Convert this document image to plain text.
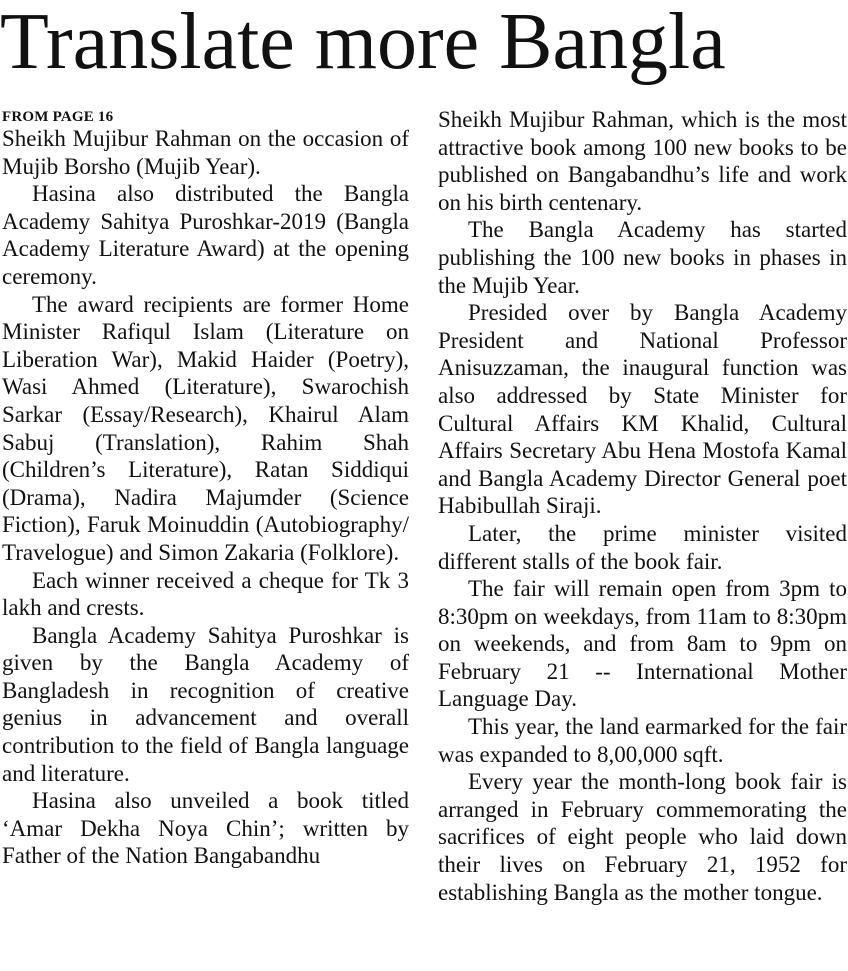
Translate more Bangla
FROM PAGE 16

Sheikh Mujibur Rahman on the occasion of Mujib Borsho (Mujib Year).

Hasina also distributed the Bangla Academy Sahitya Puroshkar-2019 (Bangla Academy Literature Award) at the opening ceremony.

The award recipients are former Home Minister Rafiqul Islam (Literature on Liberation War), Makid Haider (Poetry), Wasi Ahmed (Literature), Swarochish Sarkar (Essay/Research), Khairul Alam Sabuj (Translation), Rahim Shah (Children’s Literature), Ratan Siddiqui (Drama), Nadira Majumder (Science Fiction), Faruk Moinuddin (Autobiography/ Travelogue) and Simon Zakaria (Folklore).

Each winner received a cheque for Tk 3 lakh and crests.

Bangla Academy Sahitya Puroshkar is given by the Bangla Academy of Bangladesh in recognition of creative genius in advancement and overall contribution to the field of Bangla language and literature.

Hasina also unveiled a book titled ‘Amar Dekha Noya Chin’; written by Father of the Nation Bangabandhu

Sheikh Mujibur Rahman, which is the most attractive book among 100 new books to be published on Bangabandhu’s life and work on his birth centenary.

The Bangla Academy has started publishing the 100 new books in phases in the Mujib Year.

Presided over by Bangla Academy President and National Professor Anisuzzaman, the inaugural function was also addressed by State Minister for Cultural Affairs KM Khalid, Cultural Affairs Secretary Abu Hena Mostofa Kamal and Bangla Academy Director General poet Habibullah Siraji.

Later, the prime minister visited different stalls of the book fair.

The fair will remain open from 3pm to 8:30pm on weekdays, from 11am to 8:30pm on weekends, and from 8am to 9pm on February 21 -- International Mother Language Day.

This year, the land earmarked for the fair was expanded to 8,00,000 sqft.

Every year the month-long book fair is arranged in February commemorating the sacrifices of eight people who laid down their lives on February 21, 1952 for establishing Bangla as the mother tongue.
